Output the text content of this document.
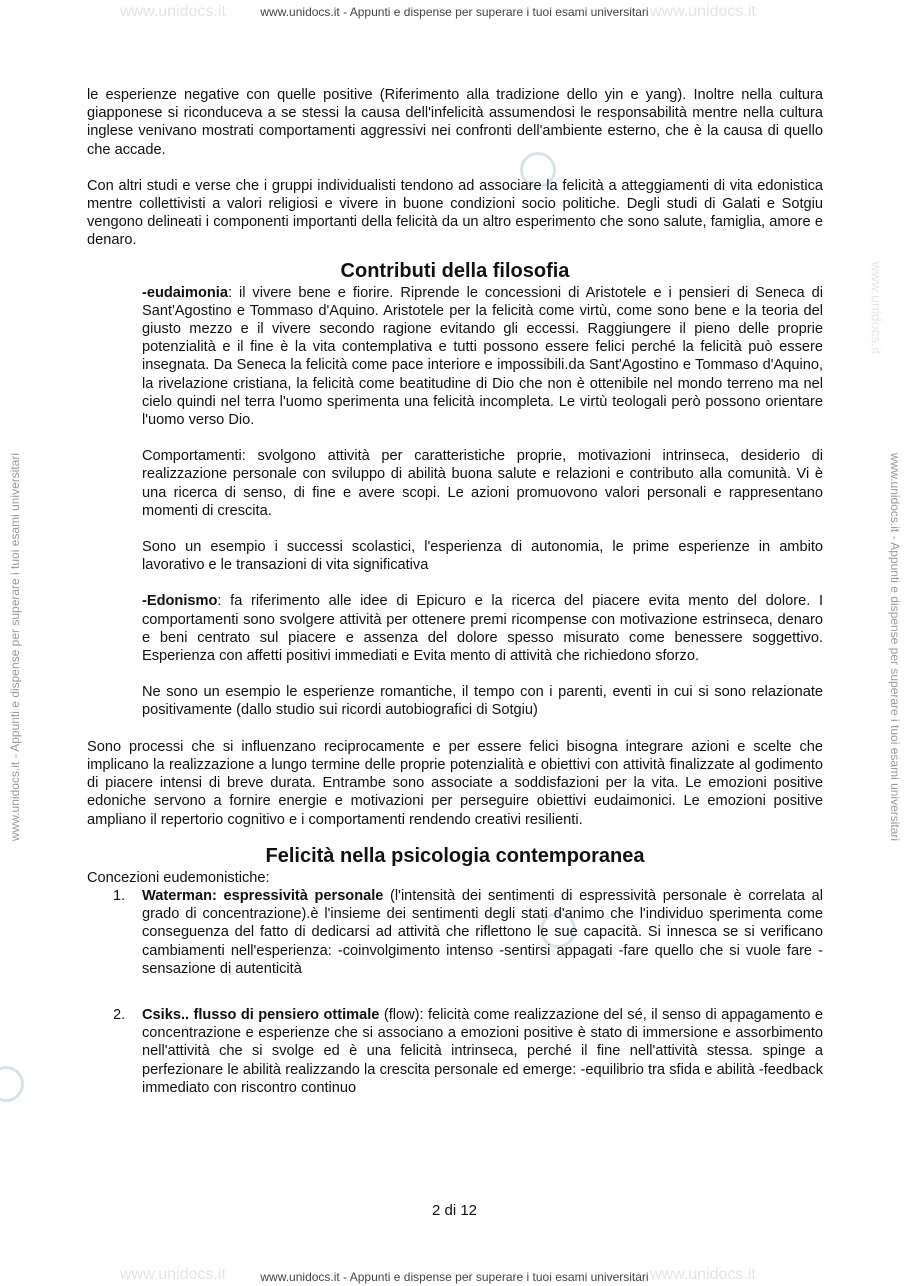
www.unidocs.it	www.unidocs.it
www.unidocs.it	www.unidocs.it
www.unidocs.it - Appunti e dispense per superare i tuoi esami universitari
www.unidocs.it - Appunti e dispense per superare i tuoi esami universitari
www.unidocs.it - Appunti e dispense per superare i tuoi esami universitari	www.unidocs.it - Appunti e dispense per superare i tuoi esami universitari
www.unidocs.it

le esperienze negative con quelle positive (Riferimento alla tradizione dello yin e yang). Inoltre nella cultura giapponese si riconduceva a se stessi la causa dell'infelicità assumendosi le responsabilità mentre nella cultura inglese venivano mostrati comportamenti aggressivi nei confronti dell'ambiente esterno, che è la causa di quello che accade.

Con altri studi e verse che i gruppi individualisti tendono ad associare la felicità a atteggiamenti di vita edonistica mentre collettivisti a valori religiosi e vivere in buone condizioni socio politiche. Degli studi di Galati e Sotgiu vengono delineati i componenti importanti della felicità da un altro esperimento che sono salute, famiglia, amore e denaro.

Contributi della filosofia

-eudaimonia: il vivere bene e fiorire. Riprende le concessioni di Aristotele e i pensieri di Seneca di Sant'Agostino e Tommaso d'Aquino. Aristotele per la felicità come virtù, come sono bene e la teoria del giusto mezzo e il vivere secondo ragione evitando gli eccessi. Raggiungere il pieno delle proprie potenzialità e il fine è la vita contemplativa e tutti possono essere felici perché la felicità può essere insegnata. Da Seneca la felicità come pace interiore e impossibili.da Sant'Agostino e Tommaso d'Aquino, la rivelazione cristiana, la felicità come beatitudine di Dio che non è ottenibile nel mondo terreno ma nel cielo quindi nel terra l'uomo sperimenta una felicità incompleta. Le virtù teologali però possono orientare l'uomo verso Dio.

Comportamenti: svolgono attività per caratteristiche proprie, motivazioni intrinseca, desiderio di realizzazione personale con sviluppo di abilità buona salute e relazioni e contributo alla comunità. Vi è una ricerca di senso, di fine e avere scopi. Le azioni promuovono valori personali e rappresentano momenti di crescita.

Sono un esempio i successi scolastici, l'esperienza di autonomia, le prime esperienze in ambito lavorativo e le transazioni di vita significativa

-Edonismo: fa riferimento alle idee di Epicuro e la ricerca del piacere evita mento del dolore. I comportamenti sono svolgere attività per ottenere premi ricompense con motivazione estrinseca, denaro e beni centrato sul piacere e assenza del dolore spesso misurato come benessere soggettivo. Esperienza con affetti positivi immediati e Evita mento di attività che richiedono sforzo.

Ne sono un esempio le esperienze romantiche, il tempo con i parenti, eventi in cui si sono relazionate positivamente (dallo studio sui ricordi autobiografici di Sotgiu)

Sono processi che si influenzano reciprocamente e per essere felici bisogna integrare azioni e scelte che implicano la realizzazione a lungo termine delle proprie potenzialità e obiettivi con attività finalizzate al godimento di piacere intensi di breve durata. Entrambe sono associate a soddisfazioni per la vita. Le emozioni positive edoniche servono a fornire energie e motivazioni per perseguire obiettivi eudaimonici. Le emozioni positive ampliano il repertorio cognitivo e i comportamenti rendendo creativi resilienti.

Felicità nella psicologia contemporanea

Concezioni eudemonistiche:

1. Waterman: espressività personale (l'intensità dei sentimenti di espressività personale è correlata al grado di concentrazione).è l'insieme dei sentimenti degli stati d'animo che l'individuo sperimenta come conseguenza del fatto di dedicarsi ad attività che riflettono le sue capacità. Si innesca se si verificano cambiamenti nell'esperienza: -coinvolgimento intenso -sentirsi appagati -fare quello che si vuole fare -sensazione di autenticità
2. Csiks.. flusso di pensiero ottimale (flow): felicità come realizzazione del sé, il senso di appagamento e concentrazione e esperienze che si associano a emozioni positive è stato di immersione e assorbimento nell'attività che si svolge ed è una felicità intrinseca, perché il fine nell'attività stessa. spinge a perfezionare le abilità realizzando la crescita personale ed emerge: -equilibrio tra sfida e abilità -feedback immediato con riscontro continuo
2 di 12
